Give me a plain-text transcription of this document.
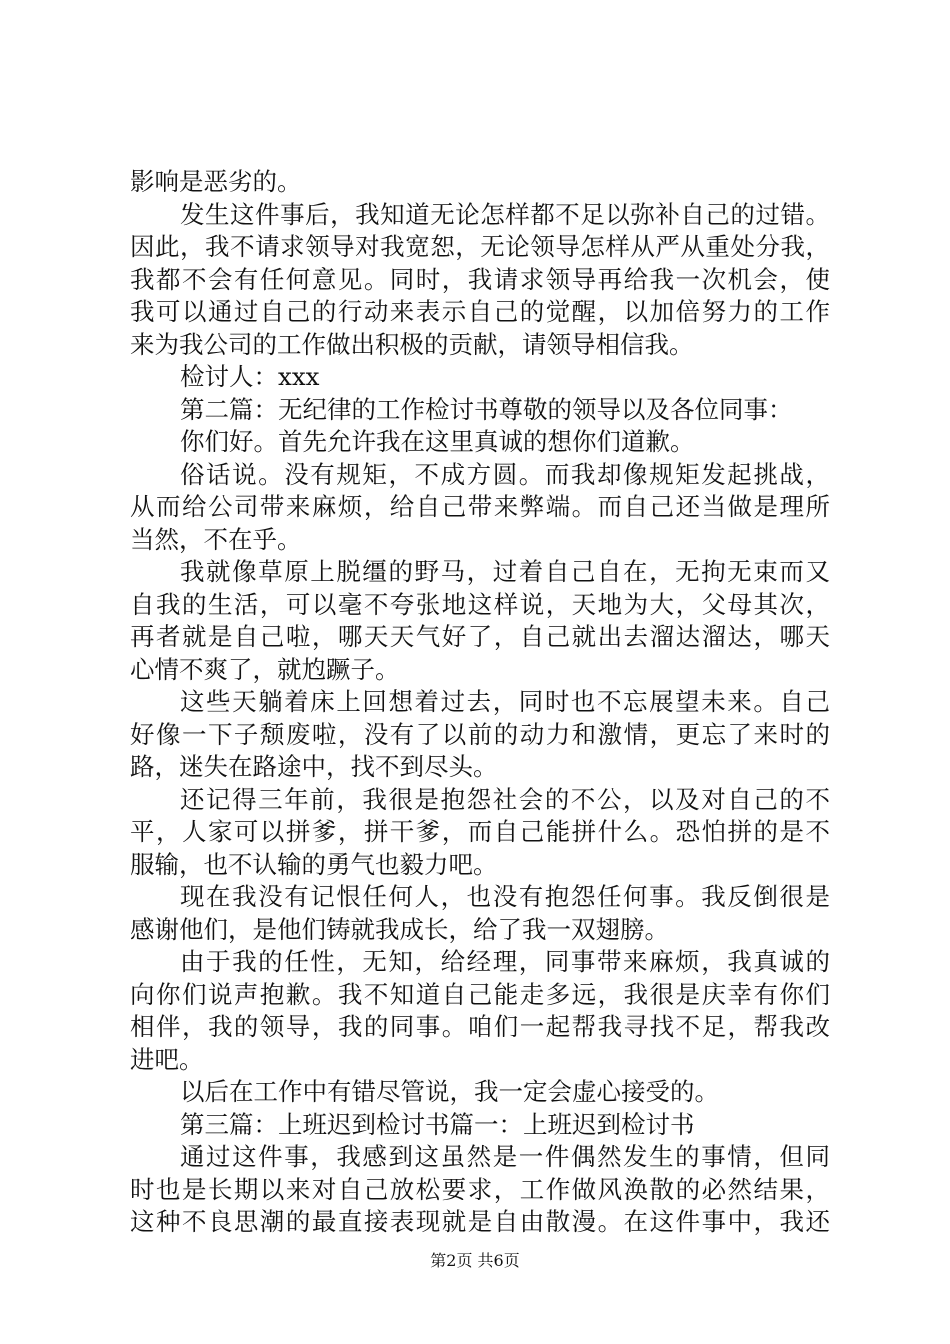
影响是恶劣的。
发生这件事后，我知道无论怎样都不足以弥补自己的过错。
因此，我不请求领导对我宽恕，无论领导怎样从严从重处分我，
我都不会有任何意见。同时，我请求领导再给我一次机会，使
我可以通过自己的行动来表示自己的觉醒，以加倍努力的工作
来为我公司的工作做出积极的贡献，请领导相信我。
检讨人：xxx
第二篇：无纪律的工作检讨书尊敬的领导以及各位同事：
你们好。首先允许我在这里真诚的想你们道歉。
俗话说。没有规矩，不成方圆。而我却像规矩发起挑战，
从而给公司带来麻烦，给自己带来弊端。而自己还当做是理所
当然，不在乎。
我就像草原上脱缰的野马，过着自己自在，无拘无束而又
自我的生活，可以毫不夸张地这样说，天地为大，父母其次，
再者就是自己啦，哪天天气好了，自己就出去溜达溜达，哪天
心情不爽了，就尥蹶子。
这些天躺着床上回想着过去，同时也不忘展望未来。自己
好像一下子颓废啦，没有了以前的动力和激情，更忘了来时的
路，迷失在路途中，找不到尽头。
还记得三年前，我很是抱怨社会的不公，以及对自己的不
平，人家可以拼爹，拼干爹，而自己能拼什么。恐怕拼的是不
服输，也不认输的勇气也毅力吧。
现在我没有记恨任何人，也没有抱怨任何事。我反倒很是
感谢他们，是他们铸就我成长，给了我一双翅膀。
由于我的任性，无知，给经理，同事带来麻烦，我真诚的
向你们说声抱歉。我不知道自己能走多远，我很是庆幸有你们
相伴，我的领导，我的同事。咱们一起帮我寻找不足，帮我改
进吧。
以后在工作中有错尽管说，我一定会虚心接受的。
第三篇：上班迟到检讨书篇一：上班迟到检讨书
通过这件事，我感到这虽然是一件偶然发生的事情，但同
时也是长期以来对自己放松要求，工作做风涣散的必然结果，
这种不良思潮的最直接表现就是自由散漫。在这件事中，我还
第2页 共6页
